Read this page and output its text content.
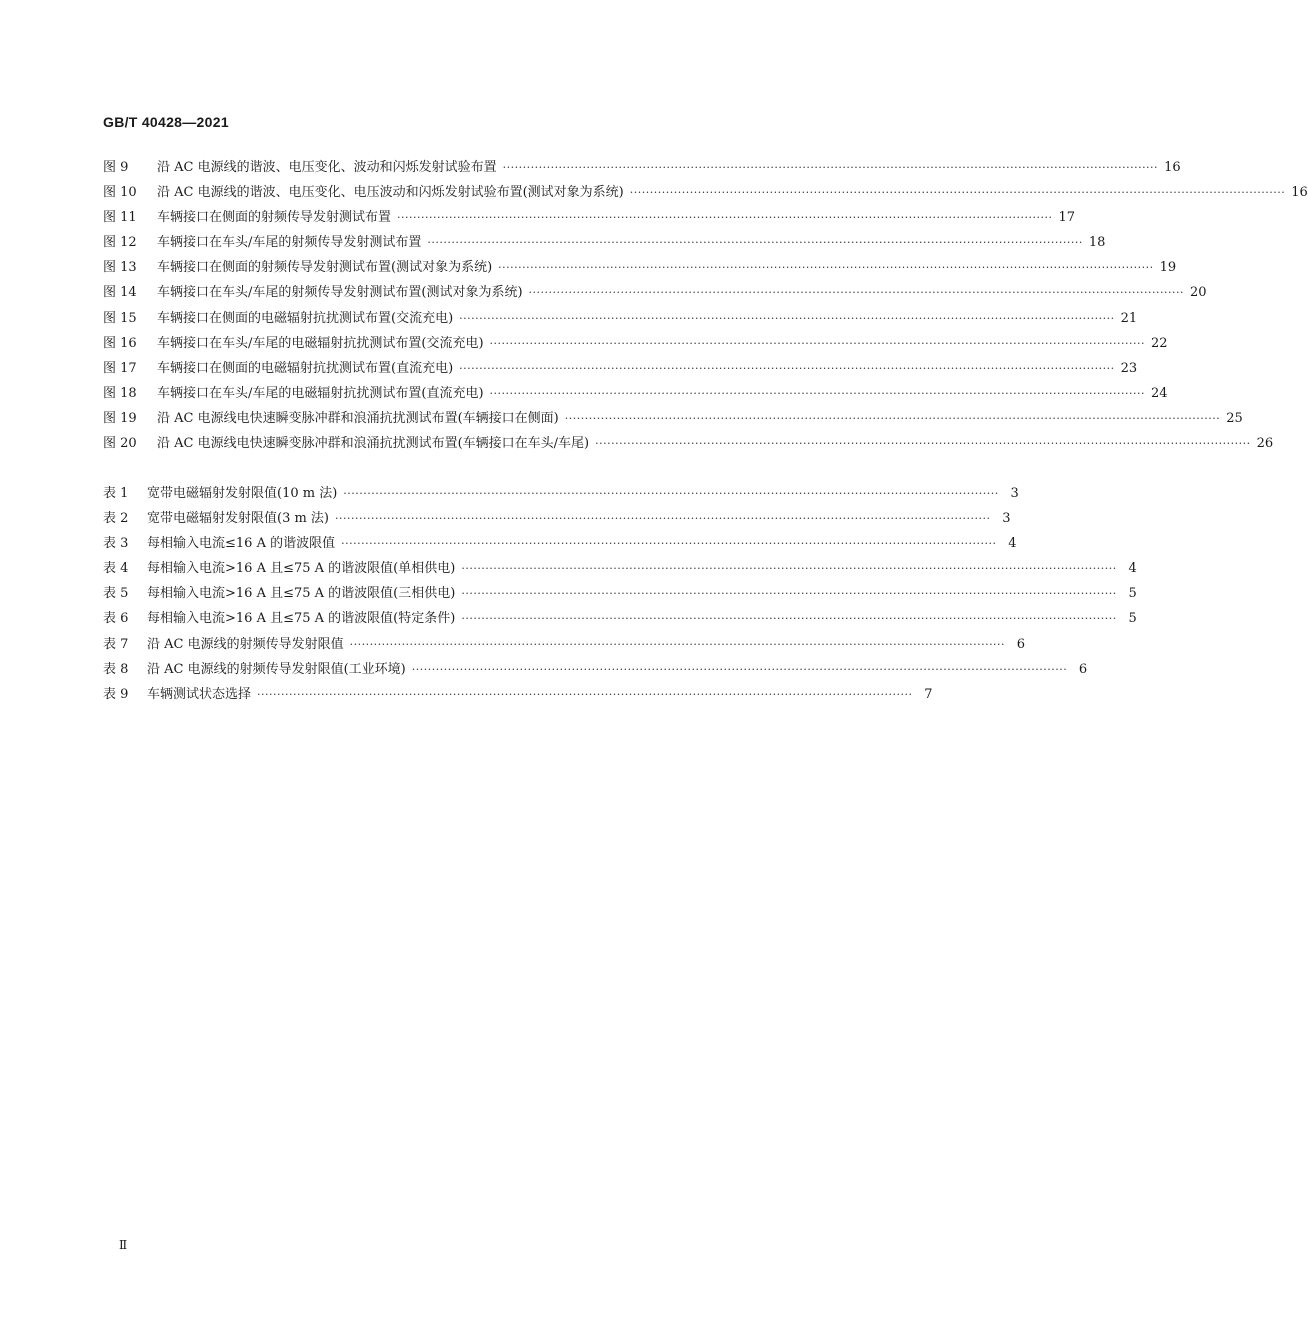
GB/T 40428—2021
图 9	沿 AC 电源线的谐波、电压变化、波动和闪烁发射试验布置 ·····	16
图 10	沿 AC 电源线的谐波、电压变化、电压波动和闪烁发射试验布置(测试对象为系统) ·····	16
图 11	车辆接口在侧面的射频传导发射测试布置 ·····	17
图 12	车辆接口在车头/车尾的射频传导发射测试布置 ·····	18
图 13	车辆接口在侧面的射频传导发射测试布置(测试对象为系统) ·····	19
图 14	车辆接口在车头/车尾的射频传导发射测试布置(测试对象为系统) ·····	20
图 15	车辆接口在侧面的电磁辐射抗扰测试布置(交流充电) ·····	21
图 16	车辆接口在车头/车尾的电磁辐射抗扰测试布置(交流充电) ·····	22
图 17	车辆接口在侧面的电磁辐射抗扰测试布置(直流充电) ·····	23
图 18	车辆接口在车头/车尾的电磁辐射抗扰测试布置(直流充电) ·····	24
图 19	沿 AC 电源线电快速瞬变脉冲群和浪涌抗扰测试布置(车辆接口在侧面) ·····	25
图 20	沿 AC 电源线电快速瞬变脉冲群和浪涌抗扰测试布置(车辆接口在车头/车尾) ·····	26
表 1	宽带电磁辐射发射限值(10 m 法) ·····	3
表 2	宽带电磁辐射发射限值(3 m 法) ·····	3
表 3	每相输入电流≤16 A 的谐波限值 ·····	4
表 4	每相输入电流>16 A 且≤75 A 的谐波限值(单相供电) ·····	4
表 5	每相输入电流>16 A 且≤75 A 的谐波限值(三相供电) ·····	5
表 6	每相输入电流>16 A 且≤75 A 的谐波限值(特定条件) ·····	5
表 7	沿 AC 电源线的射频传导发射限值 ·····	6
表 8	沿 AC 电源线的射频传导发射限值(工业环境) ·····	6
表 9	车辆测试状态选择 ·····	7
Ⅱ
